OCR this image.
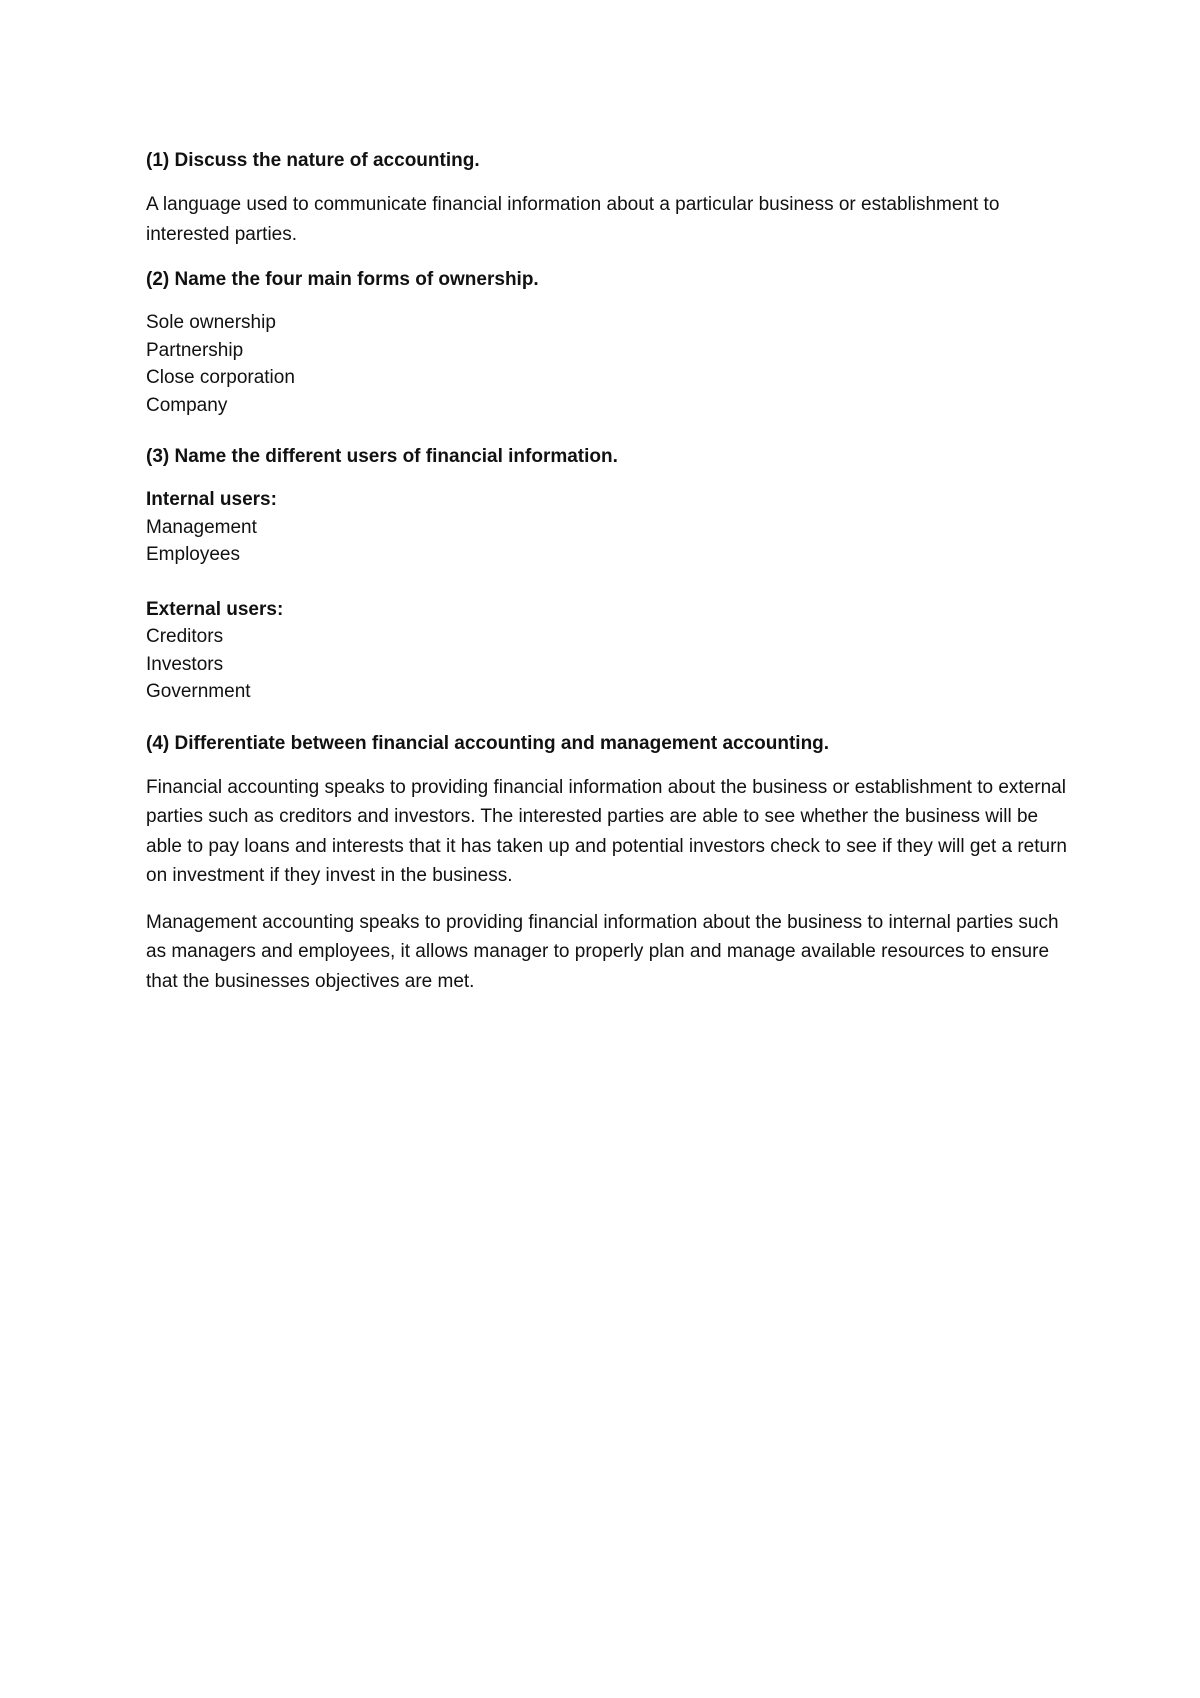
(1) Discuss the nature of accounting.
A language used to communicate financial information about a particular business or establishment to interested parties.
(2) Name the four main forms of ownership.
Sole ownership
Partnership
Close corporation
Company
(3) Name the different users of financial information.
Internal users:
Management
Employees
External users:
Creditors
Investors
Government
(4) Differentiate between financial accounting and management accounting.
Financial accounting speaks to providing financial information about the business or establishment to external parties such as creditors and investors. The interested parties are able to see whether the business will be able to pay loans and interests that it has taken up and potential investors check to see if they will get a return on investment if they invest in the business.
Management accounting speaks to providing financial information about the business to internal parties such as managers and employees, it allows manager to properly plan and manage available resources to ensure that the businesses objectives are met.
